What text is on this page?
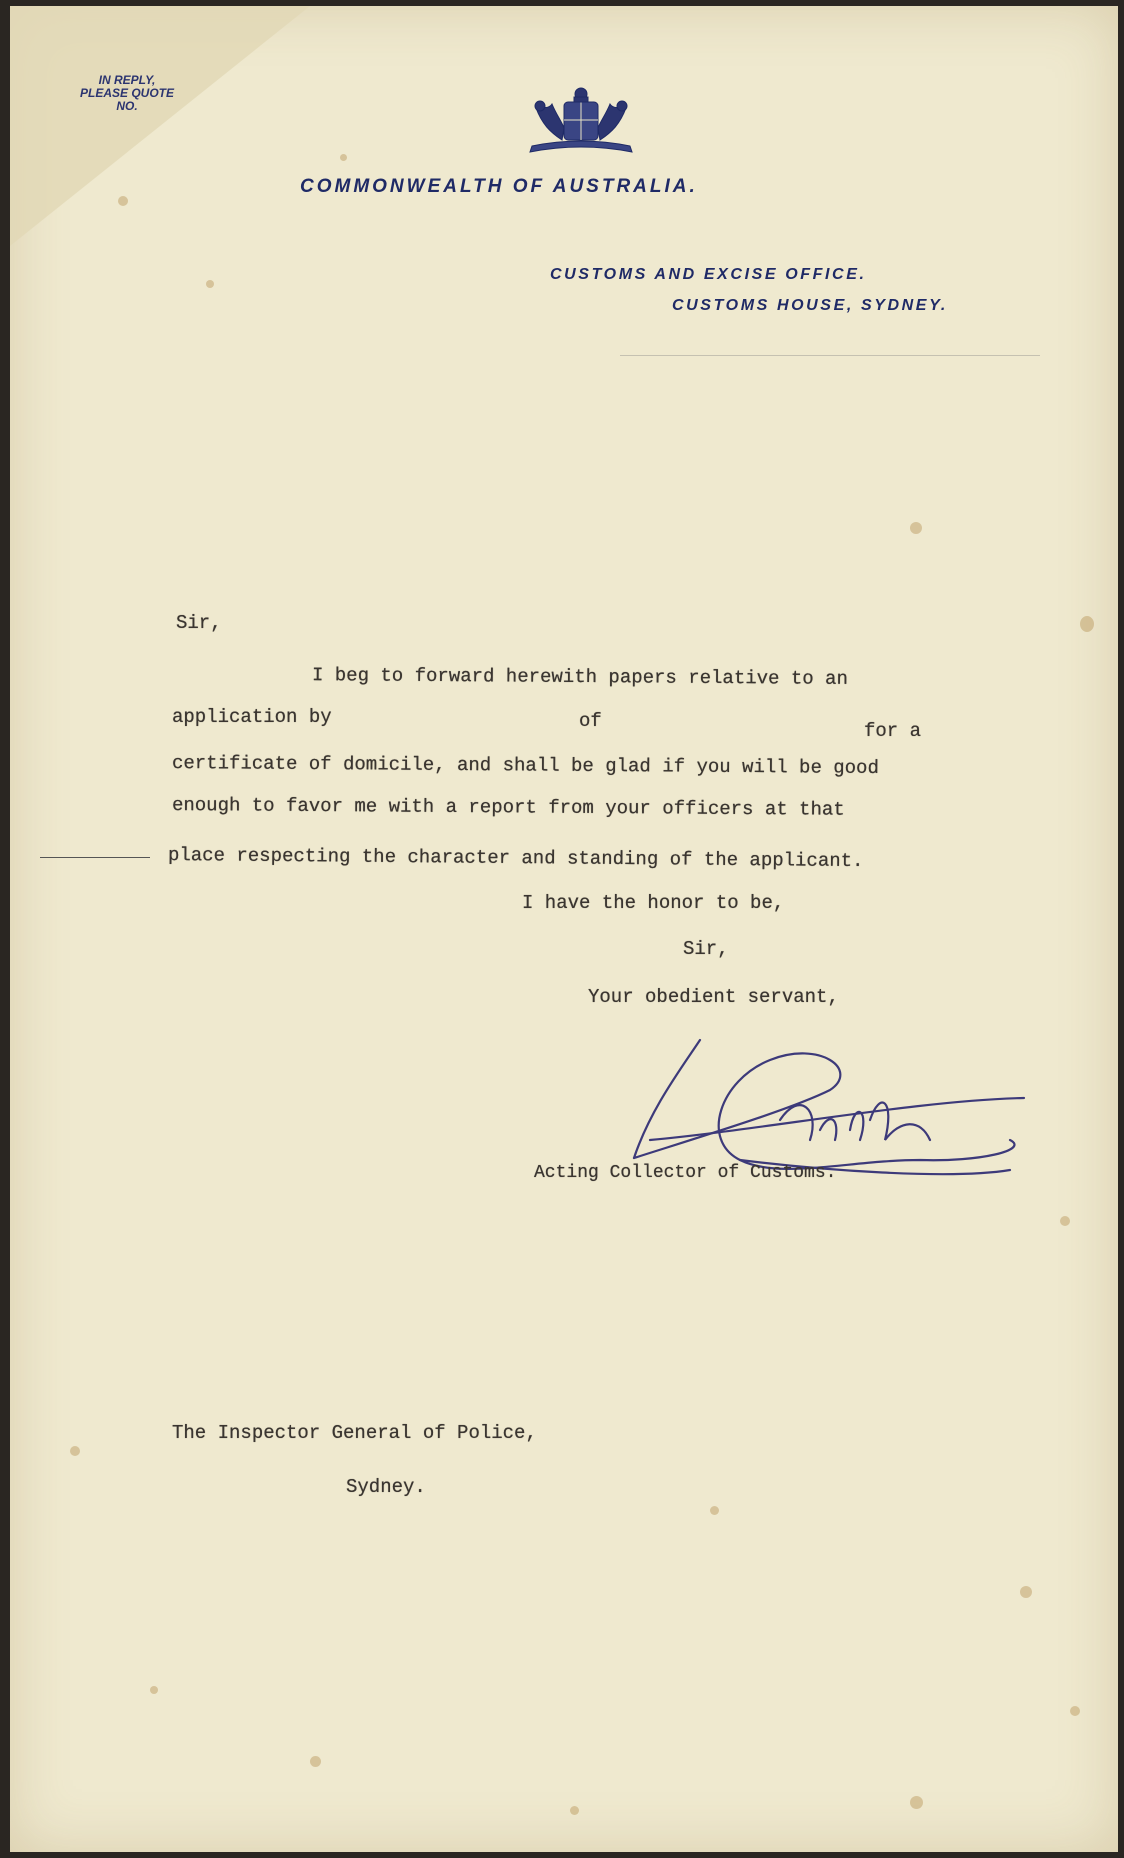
IN REPLY,
PLEASE QUOTE
NO.
COMMONWEALTH OF AUSTRALIA.
CUSTOMS AND EXCISE OFFICE.
CUSTOMS HOUSE, SYDNEY.
Sir,
I beg to forward herewith papers relative to an
application by	of	for a
certificate of domicile, and shall be glad if you will be good
enough to favor me with a report from your officers at that
place respecting the character and standing of the applicant.
I have the honor to be,
Sir,
Your obedient servant,
Acting Collector of Customs.
The Inspector General of Police,
Sydney.
